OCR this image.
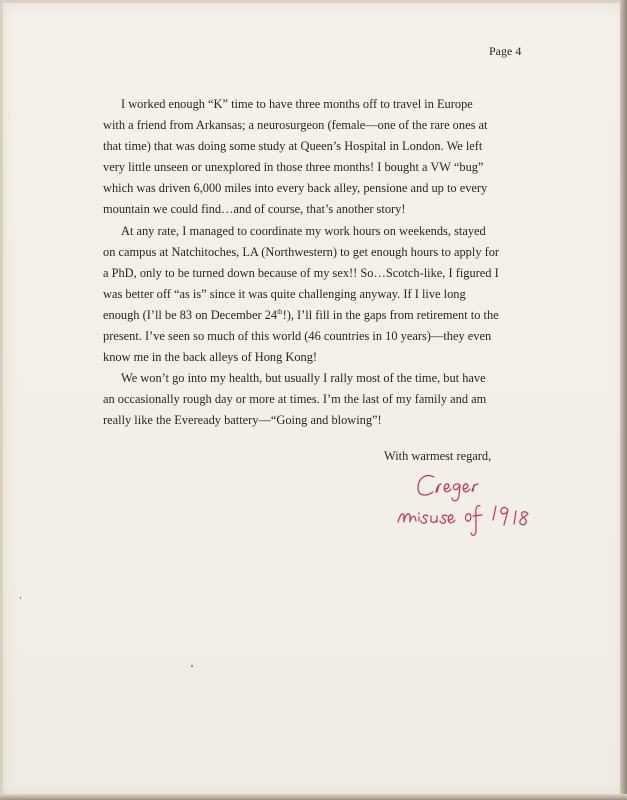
Page 4

I worked enough “K” time to have three months off to travel in Europe
with a friend from Arkansas; a neurosurgeon (female—one of the rare ones at
that time) that was doing some study at Queen’s Hospital in London. We left
very little unseen or unexplored in those three months! I bought a VW “bug”
which was driven 6,000 miles into every back alley, pensione and up to every
mountain we could find…and of course, that’s another story!

At any rate, I managed to coordinate my work hours on weekends, stayed
on campus at Natchitoches, LA (Northwestern) to get enough hours to apply for
a PhD, only to be turned down because of my sex!! So…Scotch-like, I figured I
was better off “as is” since it was quite challenging anyway. If I live long
enough (I’ll be 83 on December 24th!), I’ll fill in the gaps from retirement to the
present. I’ve seen so much of this world (46 countries in 10 years)—they even
know me in the back alleys of Hong Kong!

We won’t go into my health, but usually I rally most of the time, but have
an occasionally rough day or more at times. I’m the last of my family and am
really like the Eveready battery—“Going and blowing”!

With warmest regard,
